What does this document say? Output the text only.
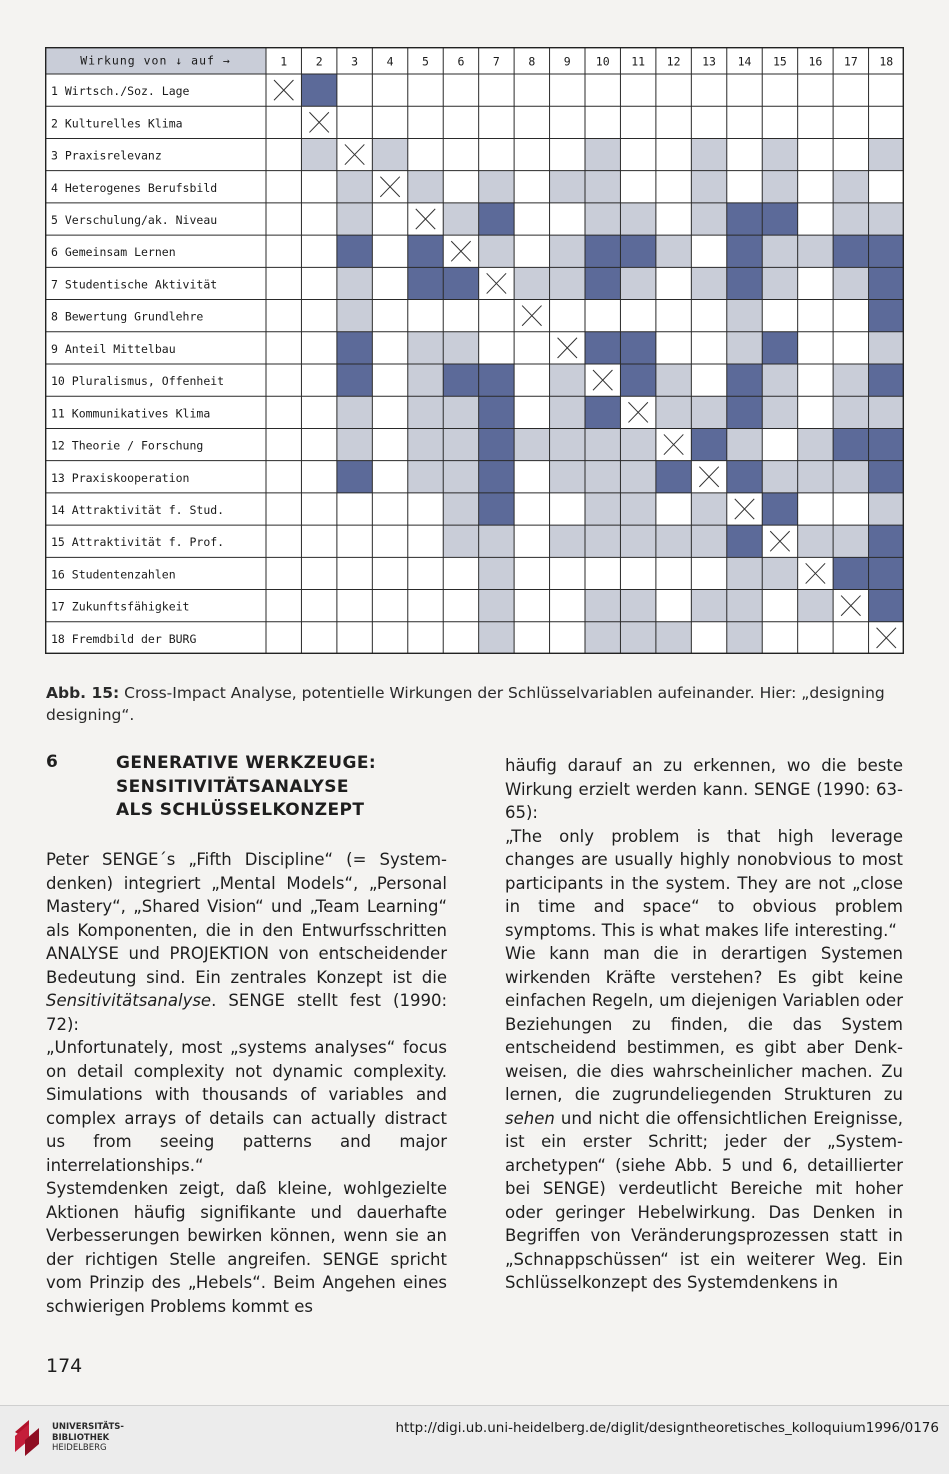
Wirkung von ↓ auf →	1 2 3 4 5 6 7 8 9 10 11 12 13 14 15 16 17 18
1 Wirtsch./Soz. Lage
2 Kulturelles Klima
3 Praxisrelevanz
4 Heterogenes Berufsbild
5 Verschulung/ak. Niveau
6 Gemeinsam Lernen
7 Studentische Aktivität
8 Bewertung Grundlehre
9 Anteil Mittelbau
10 Pluralismus, Offenheit
11 Kommunikatives Klima
12 Theorie / Forschung
13 Praxiskooperation
14 Attraktivität f. Stud.
15 Attraktivität f. Prof.
16 Studentenzahlen
17 Zukunftsfähigkeit
18 Fremdbild der BURG
Abb. 15: Cross-Impact Analyse, potentielle Wirkungen der Schlüsselvariablen aufeinander. Hier: „designing designing“.
6	GENERATIVE WERKZEUGE:
SENSITIVITÄTSANALYSE
ALS SCHLÜSSELKONZEPT

Peter SENGE´s „Fifth Discipline“ (= Systemdenken) integriert „Mental Models“, „Personal Mastery“, „Shared Vision“ und „Team Learning“ als Komponenten, die in den Entwurfsschritten ANALYSE und PROJEKTION von entscheidender Bedeutung sind. Ein zentrales Konzept ist die Sensitivitätsanalyse. SENGE stellt fest (1990: 72):

„Unfortunately, most „systems analyses“ focus on detail complexity not dynamic complexity. Simulations with thousands of variables and complex arrays of details can actually distract us from seeing patterns and major interrelationships.“

Systemdenken zeigt, daß kleine, wohlgezielte Aktionen häufig signifikante und dauerhafte Verbesserungen bewirken können, wenn sie an der richtigen Stelle angreifen. SENGE spricht vom Prinzip des „Hebels“. Beim Angehen eines schwierigen Problems kommt es

häufig darauf an zu erkennen, wo die beste Wirkung erzielt werden kann. SENGE (1990: 63-65):

„The only problem is that high leverage changes are usually highly nonobvious to most participants in the system. They are not „close in time and space“ to obvious problem symptoms. This is what makes life interesting.“

Wie kann man die in derartigen Systemen wirkenden Kräfte verstehen? Es gibt keine einfachen Regeln, um diejenigen Variablen oder Beziehungen zu finden, die das System entscheidend bestimmen, es gibt aber Denkweisen, die dies wahrscheinlicher machen. Zu lernen, die zugrundeliegenden Strukturen zu sehen und nicht die offensichtlichen Ereignisse, ist ein erster Schritt; jeder der „Systemarchetypen“ (siehe Abb. 5 und 6, detaillierter bei SENGE) verdeutlicht Bereiche mit hoher oder geringer Hebelwirkung. Das Denken in Begriffen von Veränderungsprozessen statt in „Schnappschüssen“ ist ein weiterer Weg. Ein Schlüsselkonzept des Systemdenkens in

174
UNIVERSITÄTS-
BIBLIOTHEK
HEIDELBERG
http://digi.ub.uni-heidelberg.de/diglit/designtheoretisches_kolloquium1996/0176
